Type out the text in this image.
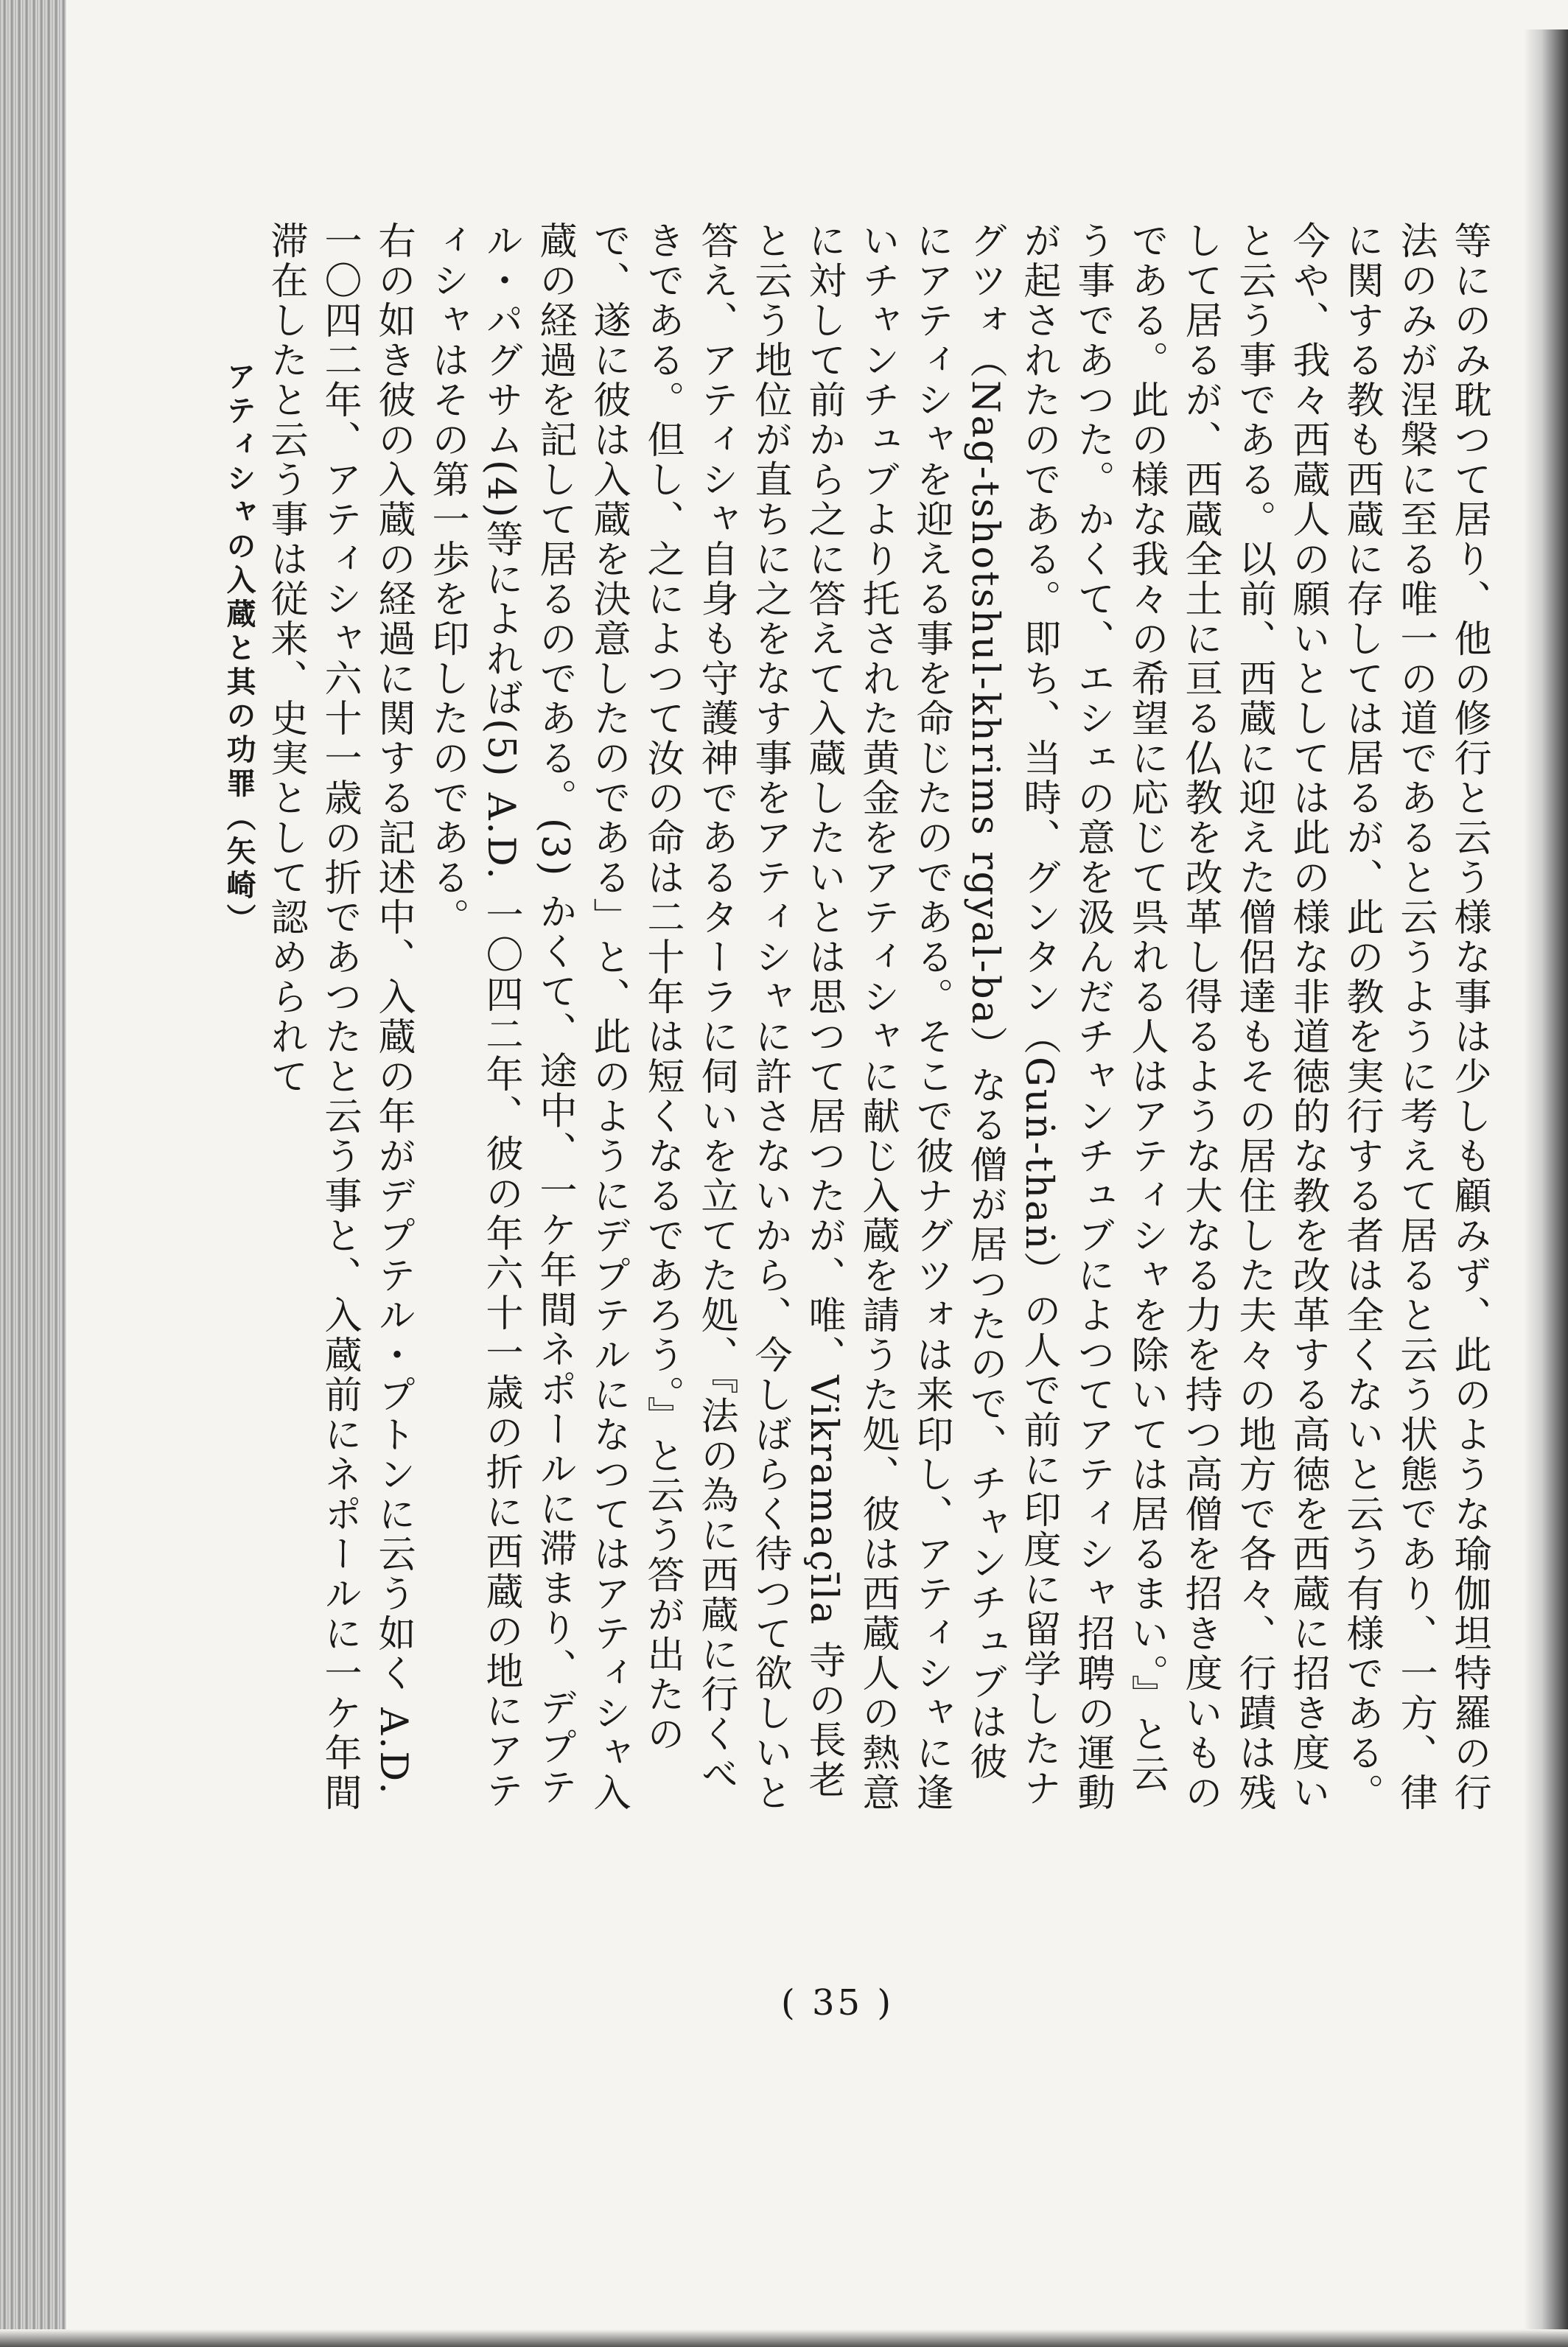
等にのみ耽つて居り、他の修行と云う様な事は少しも顧みず、此のような瑜伽坦特羅の行法のみが涅槃に至る唯一の道であると云うように考えて居ると云う状態であり、一方、律に関する教も西蔵に存しては居るが、此の教を実行する者は全くないと云う有様である。今や、我々西蔵人の願いとしては此の様な非道徳的な教を改革する高徳を西蔵に招き度いと云う事である。以前、西蔵に迎えた僧侶達もその居住した夫々の地方で各々、行蹟は残して居るが、西蔵全土に亘る仏教を改革し得るような大なる力を持つ高僧を招き度いものである。此の様な我々の希望に応じて呉れる人はアティシャを除いては居るまい。』と云う事であつた。かくて、エシェの意を汲んだチャンチュブによつてアティシャ招聘の運動が起されたのである。即ち、当時、グンタン（Guṅ-thaṅ）の人で前に印度に留学したナグツォ（Nag-tshotshul-khrims rgyal-ba）なる僧が居つたので、チャンチュブは彼にアティシャを迎える事を命じたのである。そこで彼ナグツォは来印し、アティシャに逢いチャンチュブより托された黄金をアティシャに献じ入蔵を請うた処、彼は西蔵人の熱意に対して前から之に答えて入蔵したいとは思つて居つたが、唯、Vikramaçīla 寺の長老と云う地位が直ちに之をなす事をアティシャに許さないから、今しばらく待つて欲しいと答え、アティシャ自身も守護神であるターラに伺いを立てた処、『法の為に西蔵に行くべきである。但し、之によつて汝の命は二十年は短くなるであろう。』と云う答が出たので、遂に彼は入蔵を決意したのである」と、此のようにデプテルになつてはアティシャ入蔵の経過を記して居るのである。(3) かくて、途中、一ケ年間ネポールに滞まり、デプテル・パグサム(4)等によれば(5) A.D. 一〇四二年、彼の年六十一歳の折に西蔵の地にアティシャはその第一歩を印したのである。

右の如き彼の入蔵の経過に関する記述中、入蔵の年がデプテル・プトンに云う如く A.D. 一〇四二年、アティシャ六十一歳の折であつたと云う事と、入蔵前にネポールに一ケ年間滞在したと云う事は従来、史実として認められて

アティシャの入蔵と其の功罪（矢崎）
( 35 )
